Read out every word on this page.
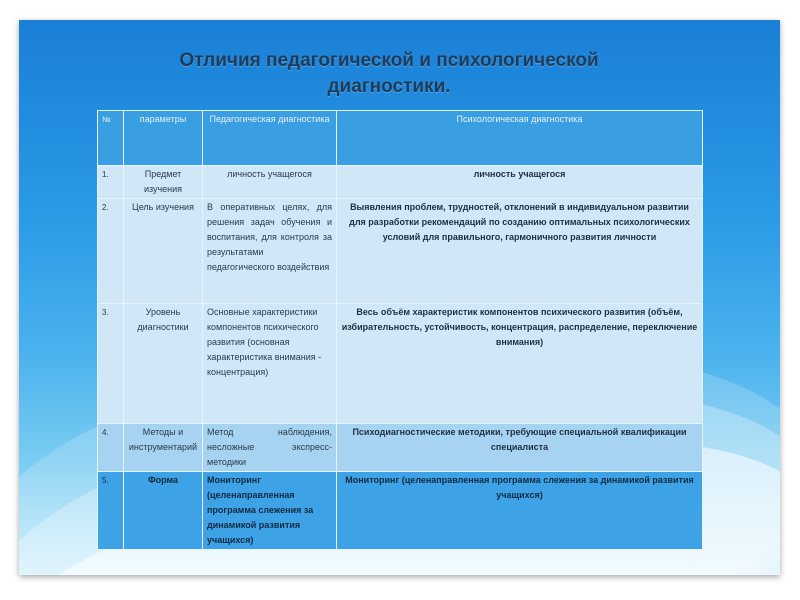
Отличия педагогической и психологической
диагностики.
№	параметры	Педагогическая диагностика	Психологическая диагностика
1.	Предмет изучения	личность учащегося	личность учащегося
2.	Цель изучения	В оперативных целях, для решения задач обучения и воспитания, для контроля за результатами педагогического воздействия	Выявления проблем, трудностей, отклонений в индивидуальном развитии для разработки рекомендаций по созданию оптимальных психологических условий для правильного, гармоничного развития личности
3.	Уровень диагностики	Основные характеристики компонентов психического развития (основная характеристика внимания - концентрация)	Весь объём характеристик компонентов психического развития (объём, избирательность, устойчивость, концентрация, распределение, переключение внимания)
4.	Методы и инструментарий	Метод наблюдения, несложные экспресс-методики	Психодиагностические методики, требующие специальной квалификации специалиста
5.	Форма	Мониторинг (целенаправленная программа слежения за динамикой развития учащихся)	Мониторинг (целенаправленная программа слежения за динамикой развития учащихся)
